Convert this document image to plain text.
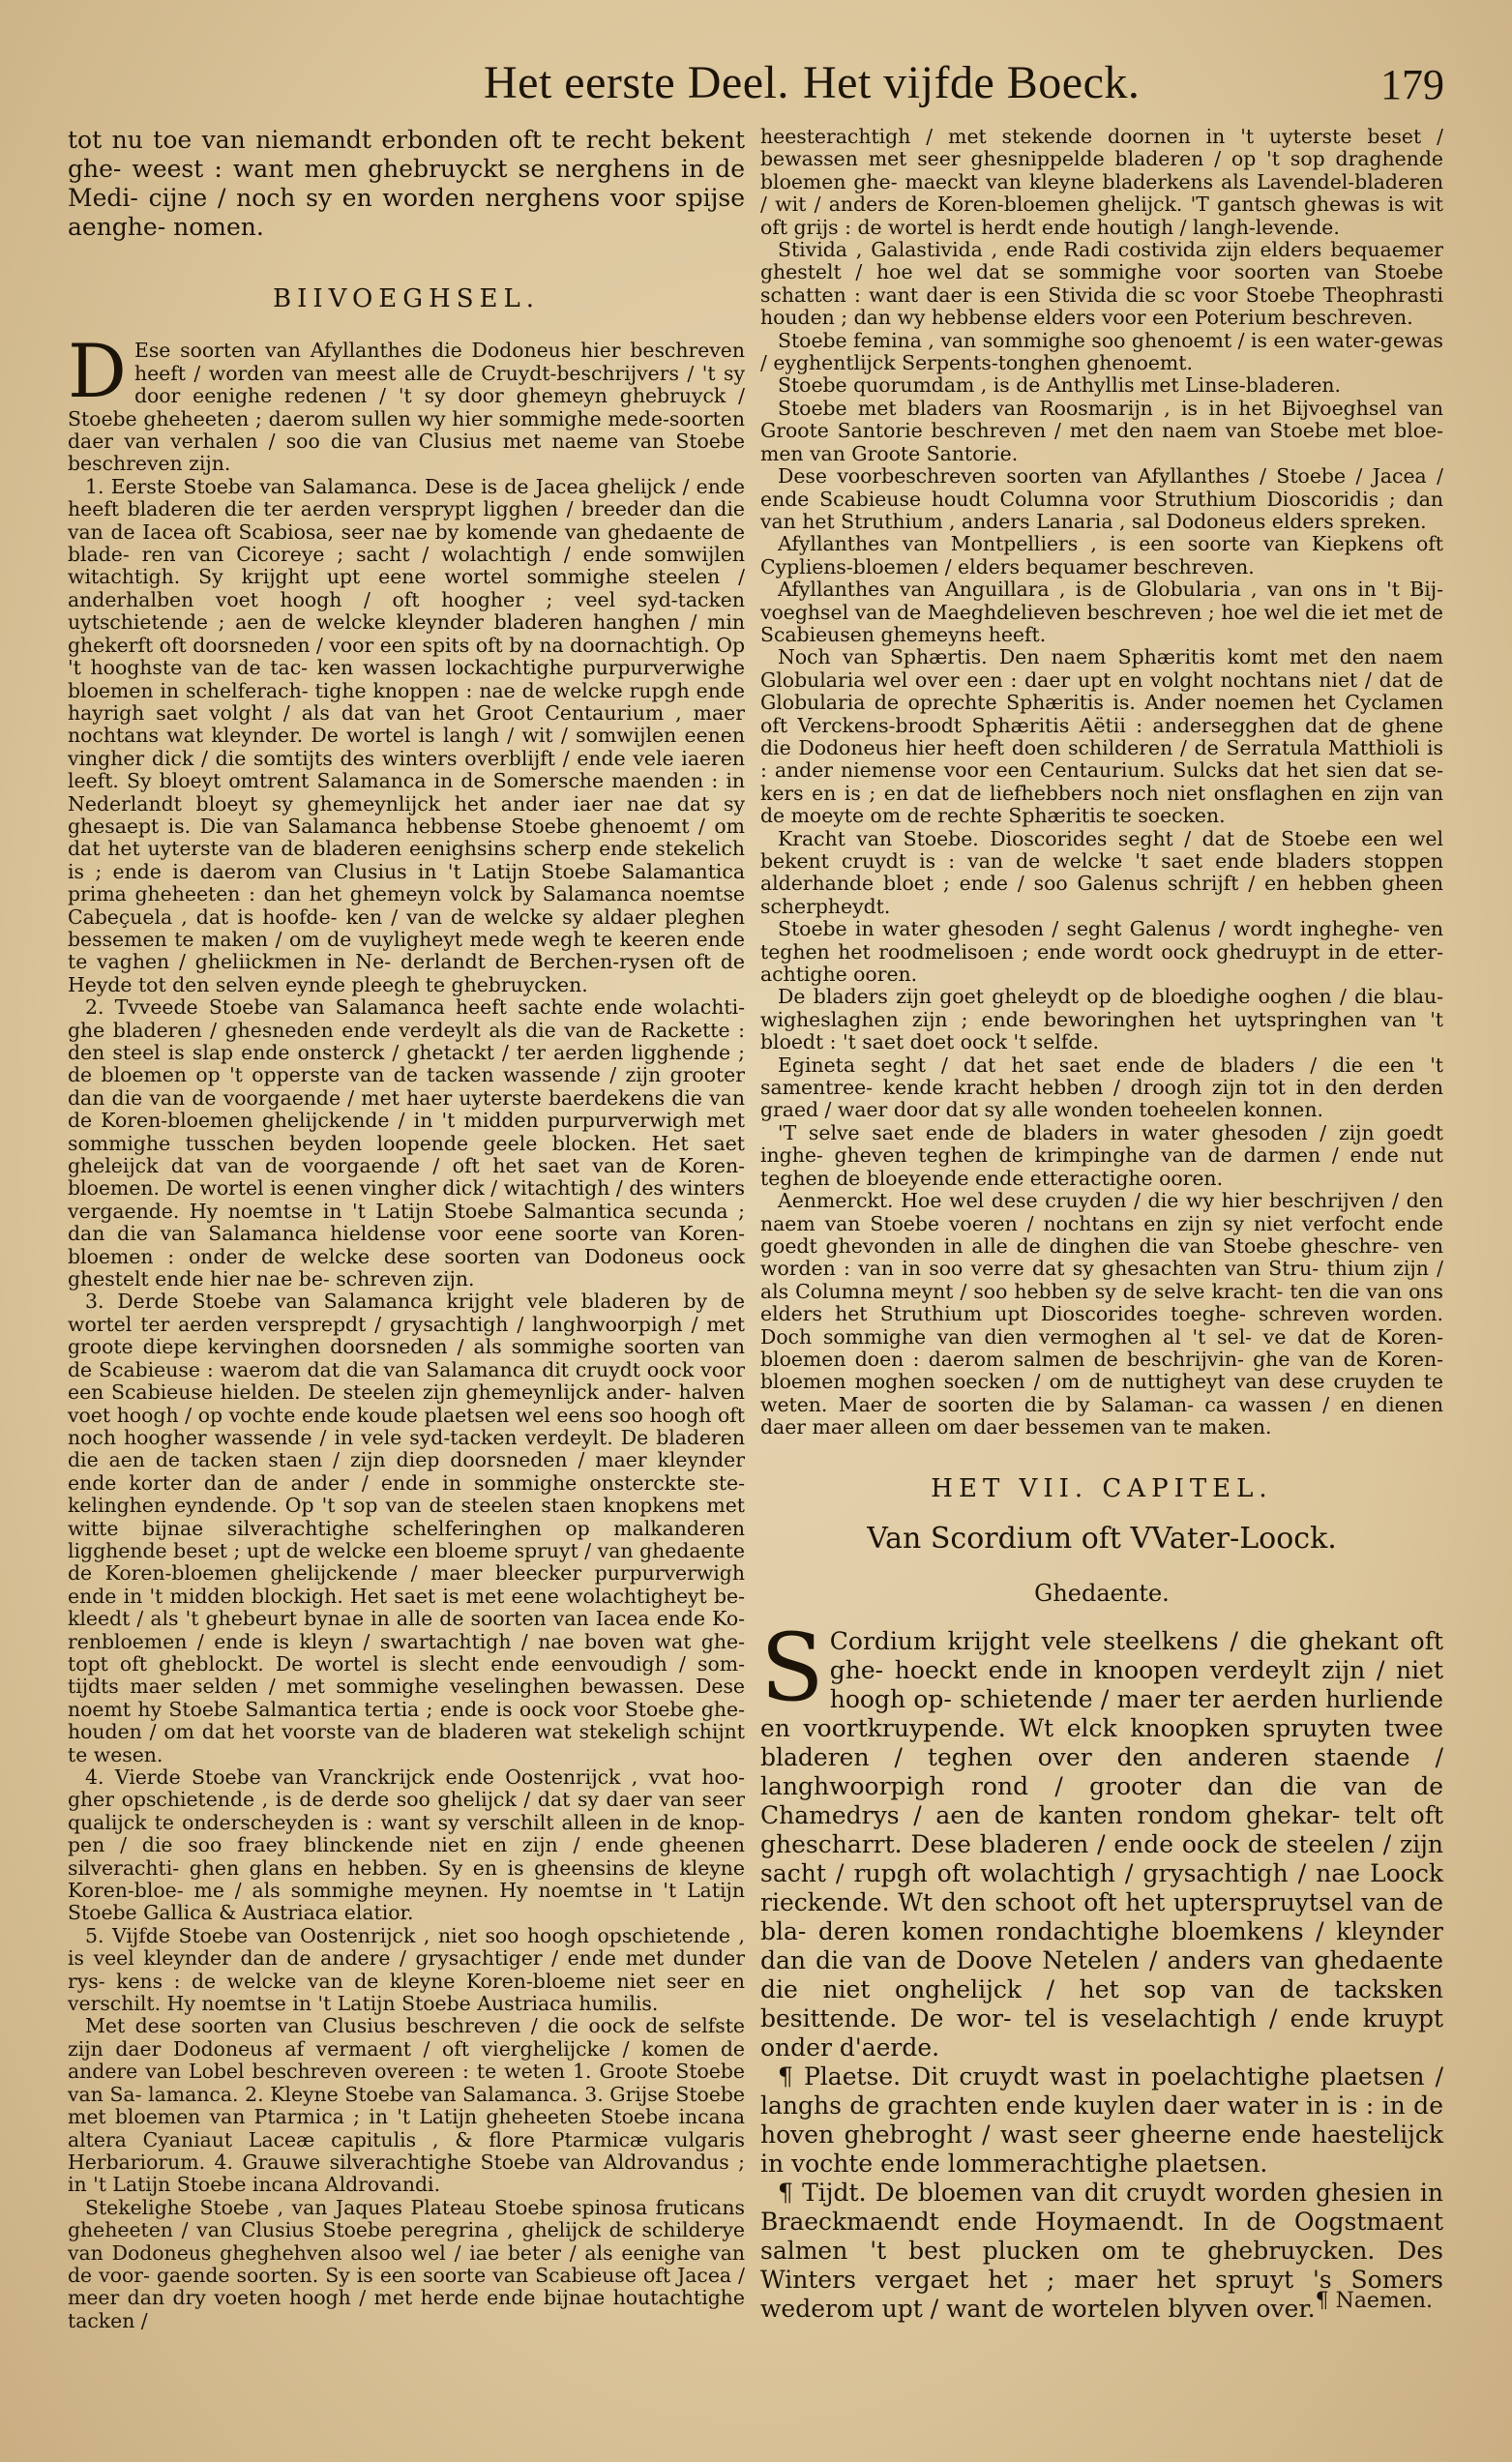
Het eerste Deel. Het vijfde Boeck.	179

tot nu toe van niemandt erbonden oft te recht bekent ghe- weest : want men ghebruyckt se nerghens in de Medi- cijne / noch sy en worden nerghens voor spijse aenghe- nomen.

BIIVOEGHSEL.

D Ese soorten van Afyllanthes die Dodoneus hier beschreven heeft / worden van meest alle de Cruydt-beschrijvers / 't sy door eenighe redenen / 't sy door ghemeyn ghebruyck / Stoebe gheheeten ; daerom sullen wy hier sommighe mede-soorten daer van verhalen / soo die van Clusius met naeme van Stoebe beschreven zijn.

1. Eerste Stoebe van Salamanca. Dese is de Jacea ghelijck / ende heeft bladeren die ter aerden versprypt ligghen / breeder dan die van de Iacea oft Scabiosa, seer nae by komende van ghedaente de blade- ren van Cicoreye ; sacht / wolachtigh / ende somwijlen witachtigh. Sy krijght upt eene wortel sommighe steelen / anderhalben voet hoogh / oft hoogher ; veel syd-tacken uytschietende ; aen de welcke kleynder bladeren hanghen / min ghekerft oft doorsneden / voor een spits oft by na doornachtigh. Op 't hooghste van de tac- ken wassen lockachtighe purpurverwighe bloemen in schelferach- tighe knoppen : nae de welcke rupgh ende hayrigh saet volght / als dat van het Groot Centaurium , maer nochtans wat kleynder. De wortel is langh / wit / somwijlen eenen vingher dick / die somtijts des winters overblijft / ende vele iaeren leeft. Sy bloeyt omtrent Salamanca in de Somersche maenden : in Nederlandt bloeyt sy ghemeynlijck het ander iaer nae dat sy ghesaept is. Die van Salamanca hebbense Stoebe ghenoemt / om dat het uyterste van de bladeren eenighsins scherp ende stekelich is ; ende is daerom van Clusius in 't Latijn Stoebe Salamantica prima gheheeten : dan het ghemeyn volck by Salamanca noemtse Cabeçuela , dat is hoofde- ken / van de welcke sy aldaer pleghen bessemen te maken / om de vuyligheyt mede wegh te keeren ende te vaghen / gheliickmen in Ne- derlandt de Berchen-rysen oft de Heyde tot den selven eynde pleegh te ghebruycken.

2. Tvveede Stoebe van Salamanca heeft sachte ende wolachti- ghe bladeren / ghesneden ende verdeylt als die van de Rackette : den steel is slap ende onsterck / ghetackt / ter aerden ligghende ; de bloemen op 't opperste van de tacken wassende / zijn grooter dan die van de voorgaende / met haer uyterste baerdekens die van de Koren-bloemen ghelijckende / in 't midden purpurverwigh met sommighe tusschen beyden loopende geele blocken. Het saet gheleijck dat van de voorgaende / oft het saet van de Koren-bloemen. De wortel is eenen vingher dick / witachtigh / des winters vergaende. Hy noemtse in 't Latijn Stoebe Salmantica secunda ; dan die van Salamanca hieldense voor eene soorte van Koren-bloemen : onder de welcke dese soorten van Dodoneus oock ghestelt ende hier nae be- schreven zijn.

3. Derde Stoebe van Salamanca krijght vele bladeren by de wortel ter aerden versprepdt / grysachtigh / langhwoorpigh / met groote diepe kervinghen doorsneden / als sommighe soorten van de Scabieuse : waerom dat die van Salamanca dit cruydt oock voor een Scabieuse hielden. De steelen zijn ghemeynlijck ander- halven voet hoogh / op vochte ende koude plaetsen wel eens soo hoogh oft noch hoogher wassende / in vele syd-tacken verdeylt. De bladeren die aen de tacken staen / zijn diep doorsneden / maer kleynder ende korter dan de ander / ende in sommighe onsterckte ste- kelinghen eyndende. Op 't sop van de steelen staen knopkens met witte bijnae silverachtighe schelferinghen op malkanderen ligghende beset ; upt de welcke een bloeme spruyt / van ghedaente de Koren-bloemen ghelijckende / maer bleecker purpurverwigh ende in 't midden blockigh. Het saet is met eene wolachtigheyt be- kleedt / als 't ghebeurt bynae in alle de soorten van Iacea ende Ko- renbloemen / ende is kleyn / swartachtigh / nae boven wat ghe- topt oft gheblockt. De wortel is slecht ende eenvoudigh / som- tijdts maer selden / met sommighe veselinghen bewassen. Dese noemt hy Stoebe Salmantica tertia ; ende is oock voor Stoebe ghe- houden / om dat het voorste van de bladeren wat stekeligh schijnt te wesen.

4. Vierde Stoebe van Vranckrijck ende Oostenrijck , vvat hoo- gher opschietende , is de derde soo ghelijck / dat sy daer van seer qualijck te onderscheyden is : want sy verschilt alleen in de knop- pen / die soo fraey blinckende niet en zijn / ende gheenen silverachti- ghen glans en hebben. Sy en is gheensins de kleyne Koren-bloe- me / als sommighe meynen. Hy noemtse in 't Latijn Stoebe Gallica & Austriaca elatior.

5. Vijfde Stoebe van Oostenrijck , niet soo hoogh opschietende , is veel kleynder dan de andere / grysachtiger / ende met dunder rys- kens : de welcke van de kleyne Koren-bloeme niet seer en verschilt. Hy noemtse in 't Latijn Stoebe Austriaca humilis.

Met dese soorten van Clusius beschreven / die oock de selfste zijn daer Dodoneus af vermaent / oft vierghelijcke / komen de andere van Lobel beschreven overeen : te weten 1. Groote Stoebe van Sa- lamanca. 2. Kleyne Stoebe van Salamanca. 3. Grijse Stoebe met bloemen van Ptarmica ; in 't Latijn gheheeten Stoebe incana altera Cyaniaut Laceæ capitulis , & flore Ptarmicæ vulgaris Herbariorum. 4. Grauwe silverachtighe Stoebe van Aldrovandus ; in 't Latijn Stoebe incana Aldrovandi.

Stekelighe Stoebe , van Jaques Plateau Stoebe spinosa fruticans gheheeten / van Clusius Stoebe peregrina , ghelijck de schilderye van Dodoneus gheghehven alsoo wel / iae beter / als eenighe van de voor- gaende soorten. Sy is een soorte van Scabieuse oft Jacea / meer dan dry voeten hoogh / met herde ende bijnae houtachtighe tacken /

heesterachtigh / met stekende doornen in 't uyterste beset / bewassen met seer ghesnippelde bladeren / op 't sop draghende bloemen ghe- maeckt van kleyne bladerkens als Lavendel-bladeren / wit / anders de Koren-bloemen ghelijck. 'T gantsch ghewas is wit oft grijs : de wortel is herdt ende houtigh / langh-levende.

Stivida , Galastivida , ende Radi costivida zijn elders bequaemer ghestelt / hoe wel dat se sommighe voor soorten van Stoebe schatten : want daer is een Stivida die sc voor Stoebe Theophrasti houden ; dan wy hebbense elders voor een Poterium beschreven.

Stoebe femina , van sommighe soo ghenoemt / is een water-gewas / eyghentlijck Serpents-tonghen ghenoemt.

Stoebe quorumdam , is de Anthyllis met Linse-bladeren.

Stoebe met bladers van Roosmarijn , is in het Bijvoeghsel van Groote Santorie beschreven / met den naem van Stoebe met bloe- men van Groote Santorie.

Dese voorbeschreven soorten van Afyllanthes / Stoebe / Jacea / ende Scabieuse houdt Columna voor Struthium Dioscoridis ; dan van het Struthium , anders Lanaria , sal Dodoneus elders spreken.

Afyllanthes van Montpelliers , is een soorte van Kiepkens oft Cypliens-bloemen / elders bequamer beschreven.

Afyllanthes van Anguillara , is de Globularia , van ons in 't Bij- voeghsel van de Maeghdelieven beschreven ; hoe wel die iet met de Scabieusen ghemeyns heeft.

Noch van Sphærtis. Den naem Sphæritis komt met den naem Globularia wel over een : daer upt en volght nochtans niet / dat de Globularia de oprechte Sphæritis is. Ander noemen het Cyclamen oft Verckens-broodt Sphæritis Aëtii : andersegghen dat de ghene die Dodoneus hier heeft doen schilderen / de Serratula Matthioli is : ander niemense voor een Centaurium. Sulcks dat het sien dat se- kers en is ; en dat de liefhebbers noch niet onsflaghen en zijn van de moeyte om de rechte Sphæritis te soecken.

Kracht van Stoebe. Dioscorides seght / dat de Stoebe een wel bekent cruydt is : van de welcke 't saet ende bladers stoppen alderhande bloet ; ende / soo Galenus schrijft / en hebben gheen scherpheydt.

Stoebe in water ghesoden / seght Galenus / wordt ingheghe- ven teghen het roodmelisoen ; ende wordt oock ghedruypt in de etter- achtighe ooren.

De bladers zijn goet gheleydt op de bloedighe ooghen / die blau- wigheslaghen zijn ; ende beworinghen het uytspringhen van 't bloedt : 't saet doet oock 't selfde.

Egineta seght / dat het saet ende de bladers / die een 't samentree- kende kracht hebben / droogh zijn tot in den derden graed / waer door dat sy alle wonden toeheelen konnen.

'T selve saet ende de bladers in water ghesoden / zijn goedt inghe- gheven teghen de krimpinghe van de darmen / ende nut teghen de bloeyende ende etteractighe ooren.

Aenmerckt. Hoe wel dese cruyden / die wy hier beschrijven / den naem van Stoebe voeren / nochtans en zijn sy niet verfocht ende goedt ghevonden in alle de dinghen die van Stoebe gheschre- ven worden : van in soo verre dat sy ghesachten van Stru- thium zijn / als Columna meynt / soo hebben sy de selve kracht- ten die van ons elders het Struthium upt Dioscorides toeghe- schreven worden. Doch sommighe van dien vermoghen al 't sel- ve dat de Koren-bloemen doen : daerom salmen de beschrijvin- ghe van de Koren-bloemen moghen soecken / om de nuttigheyt van dese cruyden te weten. Maer de soorten die by Salaman- ca wassen / en dienen daer maer alleen om daer bessemen van te maken.

HET VII. CAPITEL.
Van Scordium oft VVater-Loock.
Ghedaente.

S Cordium krijght vele steelkens / die ghekant oft ghe- hoeckt ende in knoopen verdeylt zijn / niet hoogh op- schietende / maer ter aerden hurliende en voortkruypende. Wt elck knoopken spruyten twee bladeren / teghen over den anderen staende / langhwoorpigh rond / grooter dan die van de Chamedrys / aen de kanten rondom ghekar- telt oft ghescharrt. Dese bladeren / ende oock de steelen / zijn sacht / rupgh oft wolachtigh / grysachtigh / nae Loock rieckende. Wt den schoot oft het upterspruytsel van de bla- deren komen rondachtighe bloemkens / kleynder dan die van de Doove Netelen / anders van ghedaente die niet onghelijck / het sop van de tacksken besittende. De wor- tel is veselachtigh / ende kruypt onder d'aerde.

¶ Plaetse. Dit cruydt wast in poelachtighe plaetsen / langhs de grachten ende kuylen daer water in is : in de hoven ghebroght / wast seer gheerne ende haestelijck in vochte ende lommerachtighe plaetsen.

¶ Tijdt. De bloemen van dit cruydt worden ghesien in Braeckmaendt ende Hoymaendt. In de Oogstmaent salmen 't best plucken om te ghebruycken. Des Winters vergaet het ; maer het spruyt 's Somers wederom upt / want de wortelen blyven over. ¶ Naemen.
